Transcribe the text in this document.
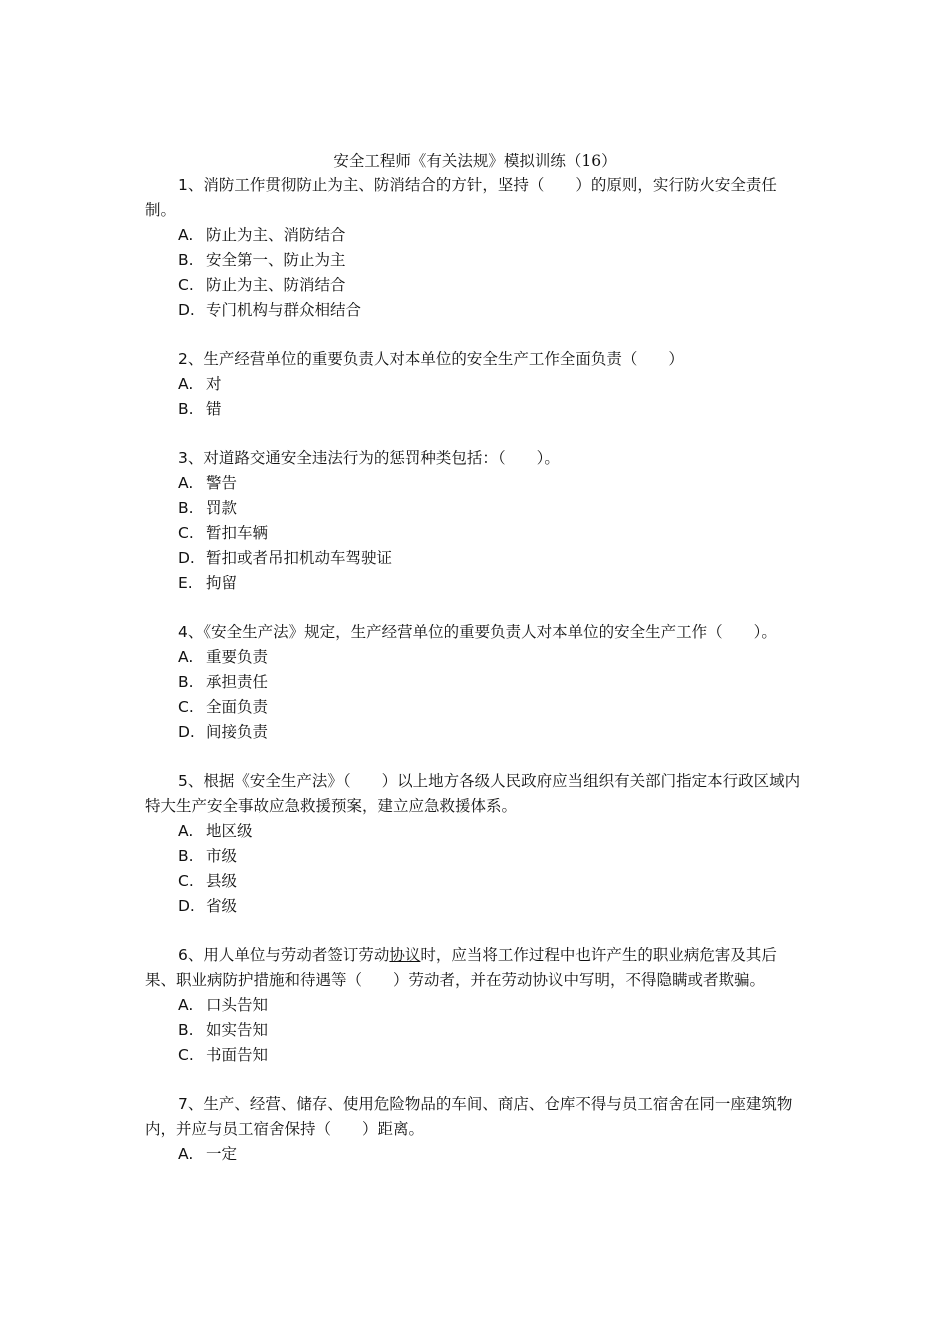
安全工程师《有关法规》模拟训练（16）

1、消防工作贯彻防止为主、防消结合的方针，坚持（　　）的原则，实行防火安全责任制。

A. 防止为主、消防结合
B. 安全第一、防止为主
C. 防止为主、防消结合
D. 专门机构与群众相结合

2、生产经营单位的重要负责人对本单位的安全生产工作全面负责（　　）

A. 对
B. 错

3、对道路交通安全违法行为的惩罚种类包括：（　　）。

A. 警告
B. 罚款
C. 暂扣车辆
D. 暂扣或者吊扣机动车驾驶证
E. 拘留

4、《安全生产法》规定，生产经营单位的重要负责人对本单位的安全生产工作（　　）。

A. 重要负责
B. 承担责任
C. 全面负责
D. 间接负责

5、根据《安全生产法》（　　）以上地方各级人民政府应当组织有关部门指定本行政区域内特大生产安全事故应急救援预案，建立应急救援体系。

A. 地区级
B. 市级
C. 县级
D. 省级

6、用人单位与劳动者签订劳动协议时，应当将工作过程中也许产生的职业病危害及其后果、职业病防护措施和待遇等（　　）劳动者，并在劳动协议中写明，不得隐瞒或者欺骗。

A. 口头告知
B. 如实告知
C. 书面告知

7、生产、经营、储存、使用危险物品的车间、商店、仓库不得与员工宿舍在同一座建筑物内，并应与员工宿舍保持（　　）距离。

A. 一定
